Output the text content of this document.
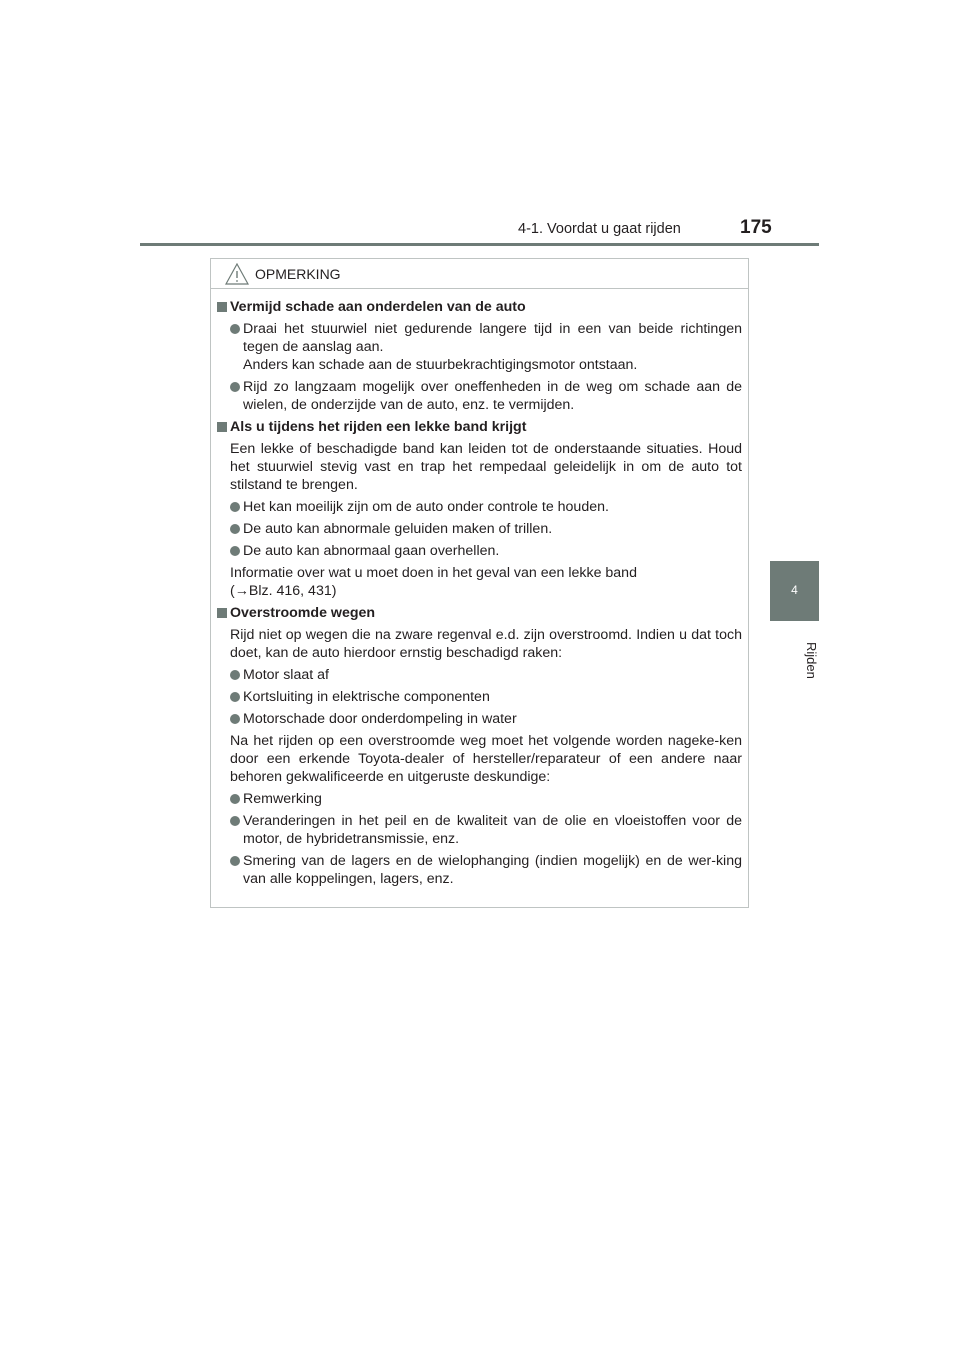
4-1. Voordat u gaat rijden	175
4
Rijden
OPMERKING
Vermijd schade aan onderdelen van de auto
Draai het stuurwiel niet gedurende langere tijd in een van beide richtingen tegen de aanslag aan.
Anders kan schade aan de stuurbekrachtigingsmotor ontstaan.
Rijd zo langzaam mogelijk over oneffenheden in de weg om schade aan de wielen, de onderzijde van de auto, enz. te vermijden.
Als u tijdens het rijden een lekke band krijgt
Een lekke of beschadigde band kan leiden tot de onderstaande situaties. Houd het stuurwiel stevig vast en trap het rempedaal geleidelijk in om de auto tot stilstand te brengen.
Het kan moeilijk zijn om de auto onder controle te houden.
De auto kan abnormale geluiden maken of trillen.
De auto kan abnormaal gaan overhellen.
Informatie over wat u moet doen in het geval van een lekke band
(→Blz. 416, 431)
Overstroomde wegen
Rijd niet op wegen die na zware regenval e.d. zijn overstroomd. Indien u dat toch doet, kan de auto hierdoor ernstig beschadigd raken:
Motor slaat af
Kortsluiting in elektrische componenten
Motorschade door onderdompeling in water
Na het rijden op een overstroomde weg moet het volgende worden nageke-ken door een erkende Toyota-dealer of hersteller/reparateur of een andere naar behoren gekwalificeerde en uitgeruste deskundige:
Remwerking
Veranderingen in het peil en de kwaliteit van de olie en vloeistoffen voor de motor, de hybridetransmissie, enz.
Smering van de lagers en de wielophanging (indien mogelijk) en de wer-king van alle koppelingen, lagers, enz.
